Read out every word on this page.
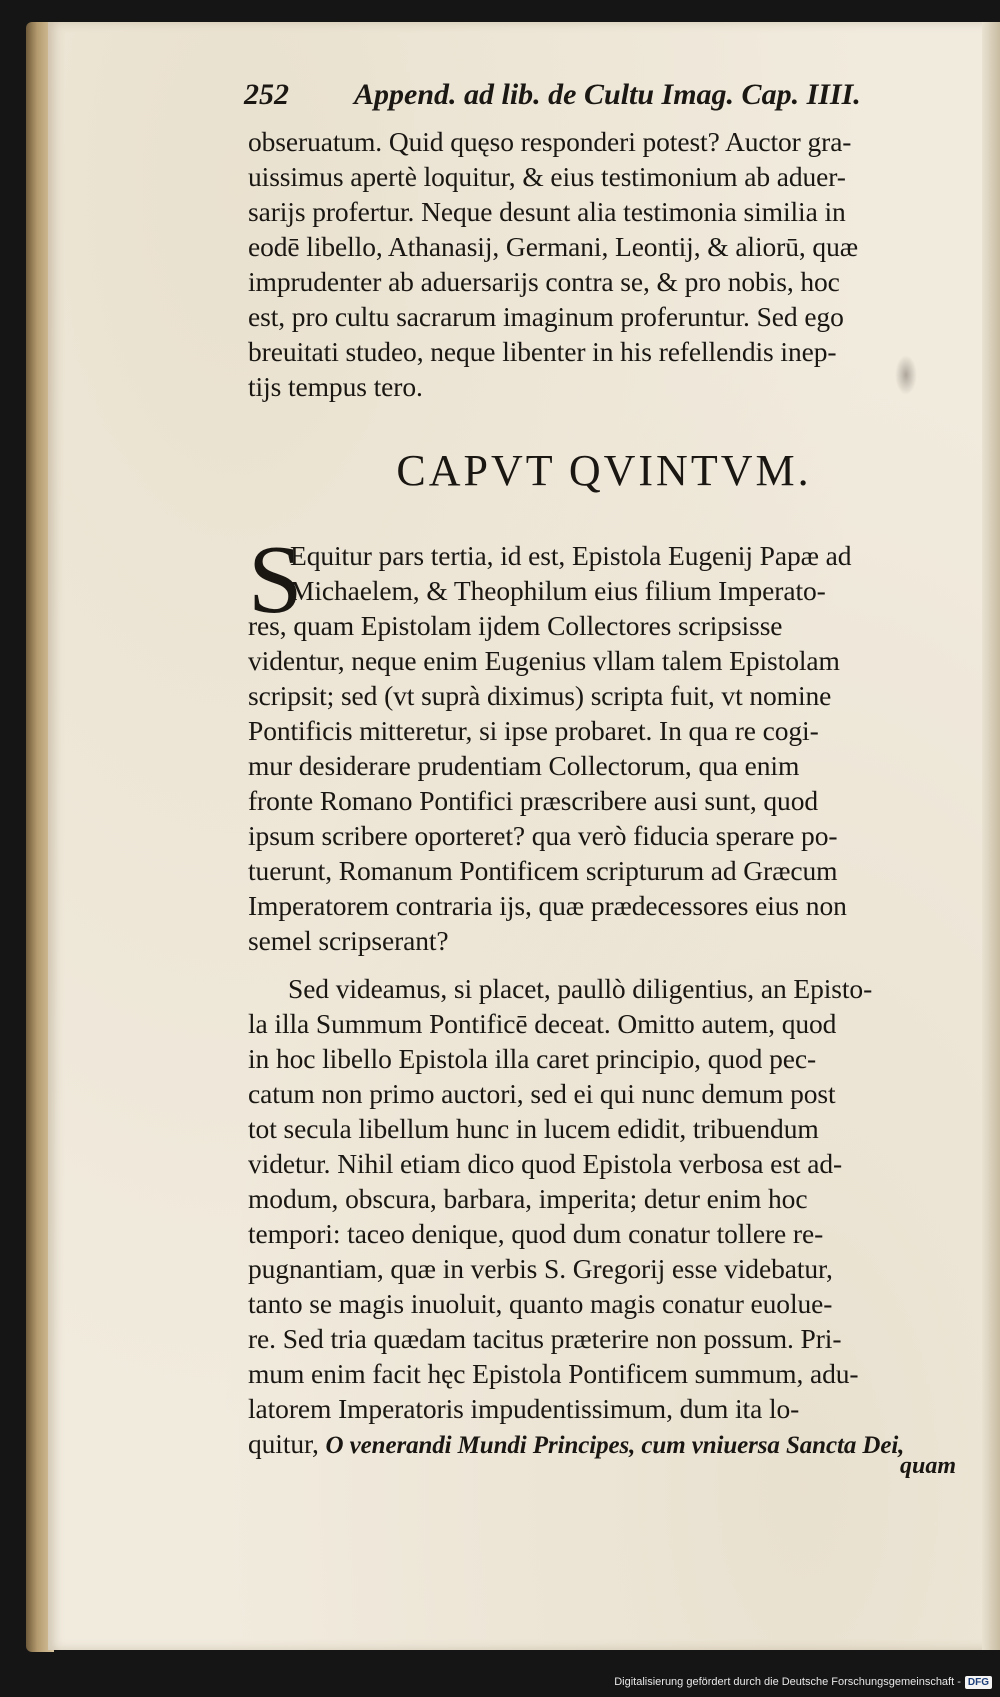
252 Append. ad lib. de Cultu Imag. Cap. IIII.
obseruatum. Quid quęso responderi potest? Auctor gra-
uissimus apertè loquitur, & eius testimonium ab aduer-
sarijs profertur. Neque desunt alia testimonia similia in
eodē libello, Athanasij, Germani, Leontij, & aliorū, quæ
imprudenter ab aduersarijs contra se, & pro nobis, hoc
est, pro cultu sacrarum imaginum proferuntur. Sed ego
breuitati studeo, neque libenter in his refellendis inep-
tijs tempus tero.
CAPVT QVINTVM.
S
Equitur pars tertia, id est, Epistola Eugenij Papæ ad
Michaelem, & Theophilum eius filium Imperato-
res, quam Epistolam ijdem Collectores scripsisse
videntur, neque enim Eugenius vllam talem Epistolam
scripsit; sed (vt suprà diximus) scripta fuit, vt nomine
Pontificis mitteretur, si ipse probaret. In qua re cogi-
mur desiderare prudentiam Collectorum, qua enim
fronte Romano Pontifici præscribere ausi sunt, quod
ipsum scribere oporteret? qua verò fiducia sperare po-
tuerunt, Romanum Pontificem scripturum ad Græcum
Imperatorem contraria ijs, quæ prædecessores eius non
semel scripserant?
Sed videamus, si placet, paullò diligentius, an Episto-
la illa Summum Pontificē deceat. Omitto autem, quod
in hoc libello Epistola illa caret principio, quod pec-
catum non primo auctori, sed ei qui nunc demum post
tot secula libellum hunc in lucem edidit, tribuendum
videtur. Nihil etiam dico quod Epistola verbosa est ad-
modum, obscura, barbara, imperita; detur enim hoc
tempori: taceo denique, quod dum conatur tollere re-
pugnantiam, quæ in verbis S. Gregorij esse videbatur,
tanto se magis inuoluit, quanto magis conatur euolue-
re. Sed tria quædam tacitus præterire non possum. Pri-
mum enim facit hęc Epistola Pontificem summum, adu-
latorem Imperatoris impudentissimum, dum ita lo-
quitur, O venerandi Mundi Principes, cum vniuersa Sancta Dei,
quam
Digitalisierung gefördert durch die Deutsche Forschungsgemeinschaft - DFG
